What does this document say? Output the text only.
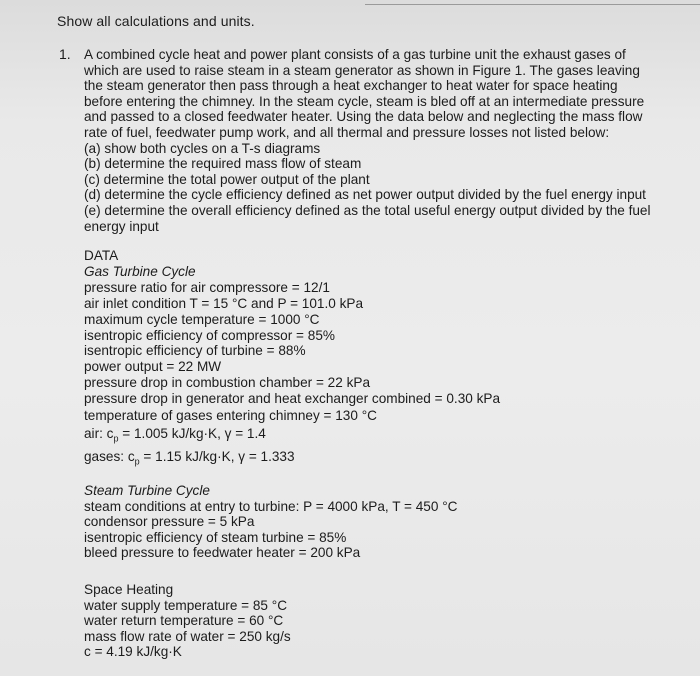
Show all calculations and units.
1. A combined cycle heat and power plant consists of a gas turbine unit the exhaust gases of
which are used to raise steam in a steam generator as shown in Figure 1. The gases leaving
the steam generator then pass through a heat exchanger to heat water for space heating
before entering the chimney. In the steam cycle, steam is bled off at an intermediate pressure
and passed to a closed feedwater heater. Using the data below and neglecting the mass flow
rate of fuel, feedwater pump work, and all thermal and pressure losses not listed below:
(a) show both cycles on a T-s diagrams
(b) determine the required mass flow of steam
(c) determine the total power output of the plant
(d) determine the cycle efficiency defined as net power output divided by the fuel energy input
(e) determine the overall efficiency defined as the total useful energy output divided by the fuel
energy input
DATA
Gas Turbine Cycle
pressure ratio for air compressore = 12/1
air inlet condition T = 15 °C and P = 101.0 kPa
maximum cycle temperature = 1000 °C
isentropic efficiency of compressor = 85%
isentropic efficiency of turbine = 88%
power output = 22 MW
pressure drop in combustion chamber = 22 kPa
pressure drop in generator and heat exchanger combined = 0.30 kPa
temperature of gases entering chimney = 130 °C
air: $c_p = 1.005$ kJ/kg·K, γ = 1.4
gases: $c_p = 1.15$ kJ/kg·K, γ = 1.333
Steam Turbine Cycle
steam conditions at entry to turbine: P = 4000 kPa, T = 450 °C
condensor pressure = 5 kPa
isentropic efficiency of steam turbine = 85%
bleed pressure to feedwater heater = 200 kPa
Space Heating
water supply temperature = 85 °C
water return temperature = 60 °C
mass flow rate of water = 250 kg/s
c = 4.19 kJ/kg·K
